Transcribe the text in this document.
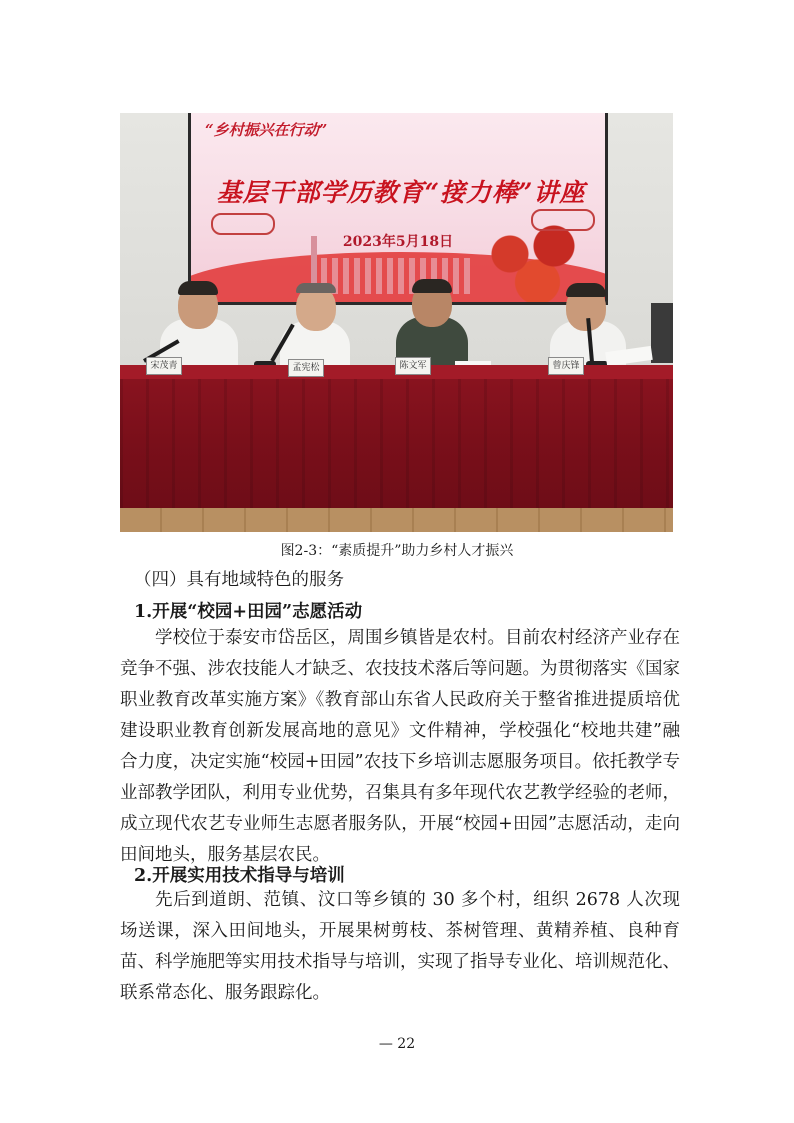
“乡村振兴在行动”
基层干部学历教育“接力棒”讲座
2023年5月18日
宋茂青	孟宪松	陈文军	曾庆锋
图2-3：“素质提升”助力乡村人才振兴
（四）具有地域特色的服务
1.开展“校园+田园”志愿活动

学校位于泰安市岱岳区，周围乡镇皆是农村。目前农村经济产业存在竞争不强、涉农技能人才缺乏、农技技术落后等问题。为贯彻落实《国家职业教育改革实施方案》《教育部山东省人民政府关于整省推进提质培优建设职业教育创新发展高地的意见》文件精神，学校强化“校地共建”融合力度，决定实施“校园+田园”农技下乡培训志愿服务项目。依托教学专业部教学团队，利用专业优势，召集具有多年现代农艺教学经验的老师，成立现代农艺专业师生志愿者服务队，开展“校园+田园”志愿活动，走向田间地头，服务基层农民。

2.开展实用技术指导与培训

先后到道朗、范镇、汶口等乡镇的 30 多个村，组织 2678 人次现场送课，深入田间地头，开展果树剪枝、茶树管理、黄精养植、良种育苗、科学施肥等实用技术指导与培训，实现了指导专业化、培训规范化、联系常态化、服务跟踪化。

— 22
